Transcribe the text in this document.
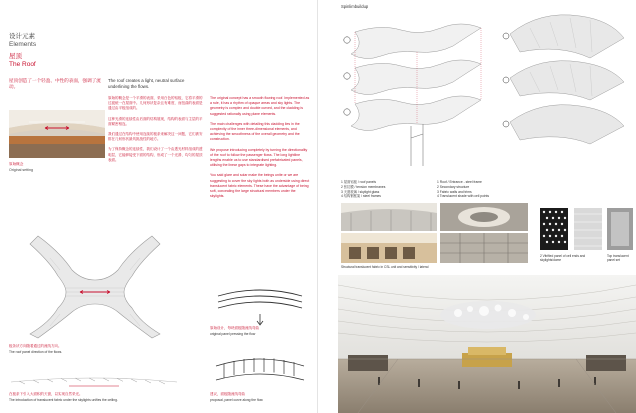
设计元素
Elements
屋顶
The Roof
屋顶创造了一个轻盈、中性的表面，强调了流动。
The roof creates a light, neutral surface underlining the flows.
原始概念
Original setting

原始的概念是一个平滑的表面，采用白色的铝板，它将平滑的过渡统一在屋面中。几何形状复杂且有难度，而扭曲的表面是通过由平板组成的。

这种光滑的连续性由后面的结构展现，结构的表面与主层的平面紧密相连。

我们通过在结构中使用连续的板条来解决这一问题，它们被安排在几何形状最具挑战性的地方。

为了保持概念的连续性，我们设计了一个由透光材料组成的透明层，它能够接受下面的结构，形成了一个光滑、均匀的屋顶表面。

The original concept has a smooth flowing roof. Implemented as a rule, it has a rhythm of opaque areas and sky lights. The geometry is complex and double curved, and the cladding is suggested rationally using plane elements.

The main challenges with detailing this cladding lies in the complexity of the inner three-dimensional elements, and achieving the smoothness of the overall geometry and the construction.

We propose introducing completely by turning the directionality of the roof to follow the passenger flows. The long lightline lengths enable us to use standardised prefabricated panels, utilising the linear gaps to integrate lighting.

You said glare and solar make the beings unite or we are suggesting to cover the sky lights both as underside using direct translucent fabric elements. These have the advantage of being soft, concealing the large structural members under the skylights.

板条状方向随着通过的流线方向。
The roof panel direction of the flows.
在板条下引入大面积的天窗，以实现自然采光。
The introduction of translucent fabric under the skylights unifies the ceiling.
原始设计，每块面板随流线弯曲
original panel pressing the flow
建议，面板随流线弯曲
proposal, panel curve along the flow
Spinlimbuildup
1 屋面铝板 / roof panels
2 张拉膜 / tension membranes
3 天窗玻璃 / skylight glass
4 结构钢框架 / steel frames
1 Roof / Entrance - steel frame
2 Secondary structure
3 Fabric walls and trims
4 Translucent shade with ceil points
Structural translucent fabric in CSL unit and sensitivity / lateral
2 Vitrified panel of cell ends and skylights/dome
Top translucent panel set
